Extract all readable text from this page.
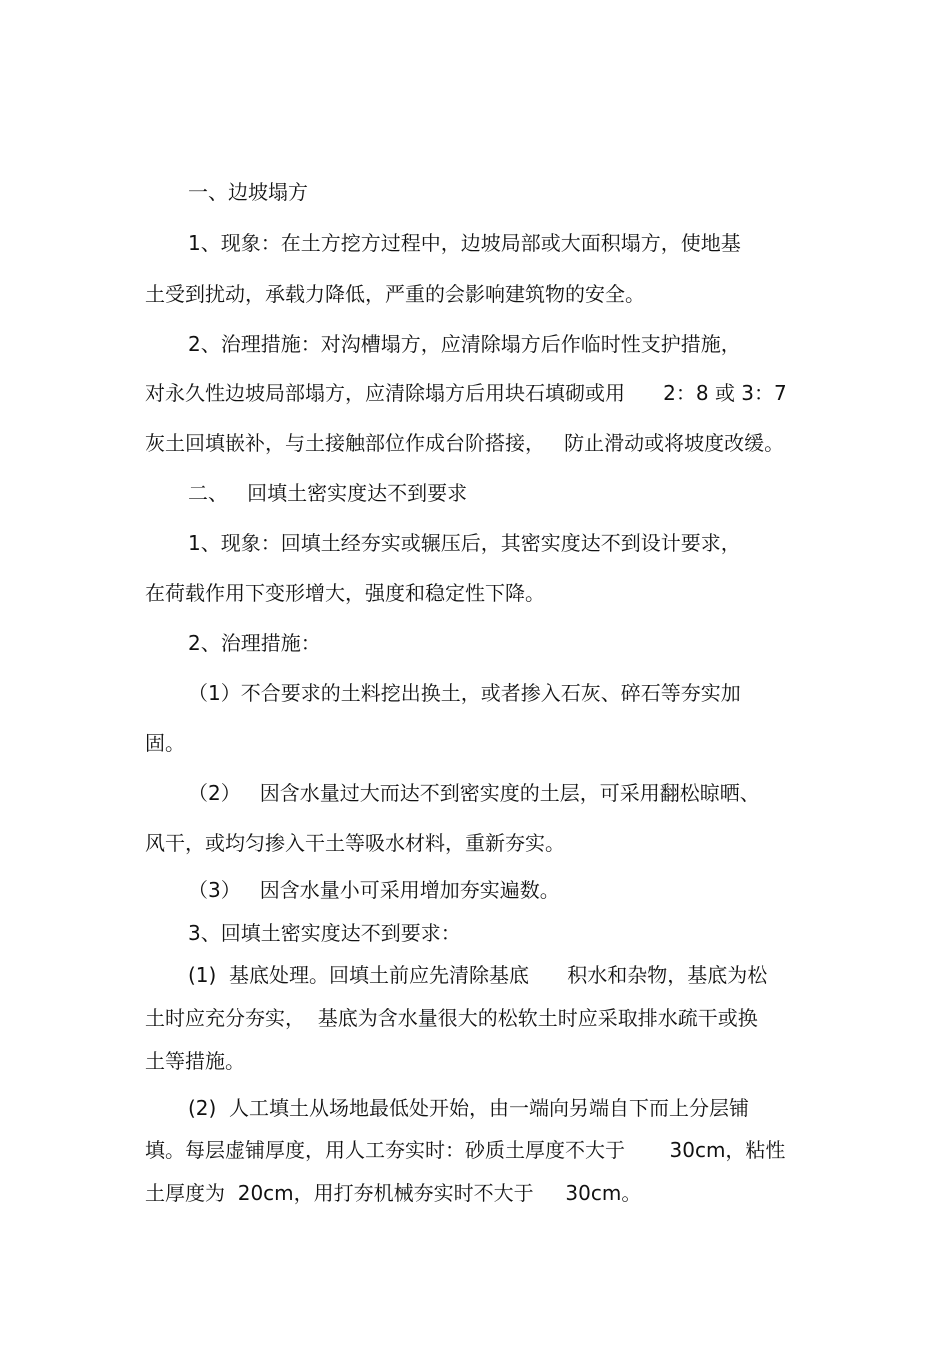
一、边坡塌方
1、现象：在土方挖方过程中，边坡局部或大面积塌方，使地基
土受到扰动，承载力降低，严重的会影响建筑物的安全。
2、治理措施：对沟槽塌方，应清除塌方后作临时性支护措施，
对永久性边坡局部塌方，应清除塌方后用块石填砌或用      2：8 或 3：7
灰土回填嵌补，与土接触部位作成台阶搭接，   防止滑动或将坡度改缓。
二、   回填土密实度达不到要求
1、现象：回填土经夯实或辗压后，其密实度达不到设计要求，
在荷载作用下变形增大，强度和稳定性下降。
2、治理措施：
（1）不合要求的土料挖出换土，或者掺入石灰、碎石等夯实加
固。
（2）   因含水量过大而达不到密实度的土层，可采用翻松晾晒、
风干，或均匀掺入干土等吸水材料，重新夯实。
（3）   因含水量小可采用增加夯实遍数。
3、回填土密实度达不到要求：
(1)  基底处理。回填土前应先清除基底      积水和杂物，基底为松
土时应充分夯实，  基底为含水量很大的松软土时应采取排水疏干或换
土等措施。
(2)  人工填土从场地最低处开始，由一端向另端自下而上分层铺
填。每层虚铺厚度，用人工夯实时：砂质土厚度不大于       30cm，粘性
土厚度为  20cm，用打夯机械夯实时不大于     30cm。
